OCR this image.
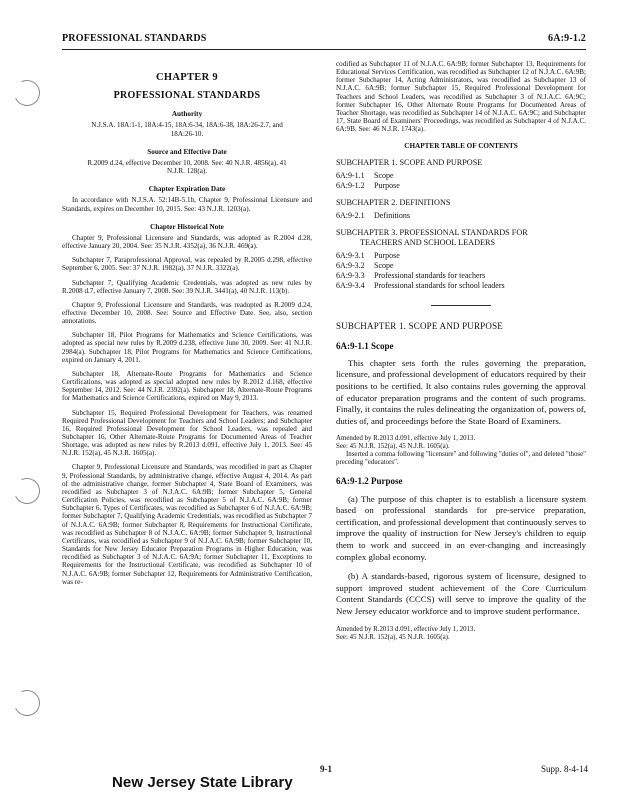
PROFESSIONAL STANDARDS	6A:9-1.2
CHAPTER 9
PROFESSIONAL STANDARDS
Authority
N.J.S.A. 18A:1-1, 18A:4-15, 18A:6-34, 18A:6-38, 18A:26-2.7, and 18A:26-10.
Source and Effective Date
R.2009 d.24, effective December 10, 2008. See: 40 N.J.R. 4856(a), 41 N.J.R. 128(a).
Chapter Expiration Date
In accordance with N.J.S.A. 52:14B-5.1b, Chapter 9, Professional Licensure and Standards, expires on December 10, 2015. See: 43 N.J.R. 1203(a).
Chapter Historical Note
Chapter 9, Professional Licensure and Standards, was adopted as R.2004 d.28, effective January 20, 2004. See: 35 N.J.R. 4352(a), 36 N.J.R. 469(a).
Subchapter 7, Paraprofessional Approval, was repealed by R.2005 d.298, effective September 6, 2005. See: 37 N.J.R. 1982(a), 37 N.J.R. 3322(a).
Subchapter 7, Qualifying Academic Credentials, was adopted as new rules by R.2008 d.7, effective January 7, 2008. See: 39 N.J.R. 3441(a), 40 N.J.R. 113(b).
Chapter 9, Professional Licensure and Standards, was readopted as R.2009 d.24, effective December 10, 2008. See: Source and Effective Date. See, also, section annotations.
Subchapter 18, Pilot Programs for Mathematics and Science Certifications, was adopted as special new rules by R.2009 d.238, effective June 30, 2009. See: 41 N.J.R. 2984(a). Subchapter 18, Pilot Programs for Mathematics and Science Certifications, expired on January 4, 2011.
Subchapter 18, Alternate-Route Programs for Mathematics and Science Certifications, was adopted as special adopted new rules by R.2012 d.168, effective September 14, 2012. See: 44 N.J.R. 2392(a). Subchapter 18, Alternate-Route Programs for Mathematics and Science Certifications, expired on May 9, 2013.
Subchapter 15, Required Professional Development for Teachers, was renamed Required Professional Development for Teachers and School Leaders; and Subchapter 16, Required Professional Development for School Leaders, was repealed and Subchapter 16, Other Alternate-Route Programs for Documented Areas of Teacher Shortage, was adopted as new rules by R.2013 d.091, effective July 1, 2013. See: 45 N.J.R. 152(a), 45 N.J.R. 1605(a).
Chapter 9, Professional Licensure and Standards, was recodified in part as Chapter 9, Professional Standards, by administrative change, effective August 4, 2014. As part of the administrative change, former Subchapter 4, State Board of Examiners, was recodified as Subchapter 3 of N.J.A.C. 6A:9B; former Subchapter 5, General Certification Policies, was recodified as Subchapter 5 of N.J.A.C. 6A:9B; former Subchapter 6, Types of Certificates, was recodified as Subchapter 6 of N.J.A.C. 6A:9B; former Subchapter 7, Qualifying Academic Credentials, was recodified as Subchapter 7 of N.J.A.C. 6A:9B; former Subchapter 8, Requirements for Instructional Certificate, was recodified as Subchapter 8 of N.J.A.C. 6A:9B; former Subchapter 9, Instructional Certificates, was recodified as Subchapter 9 of N.J.A.C. 6A:9B; former Subchapter 10, Standards for New Jersey Educator Preparation Programs in Higher Education, was recodified as Subchapter 3 of N.J.A.C. 6A:9A; former Subchapter 11, Exceptions to Requirements for the Instructional Certificate, was recodified as Subchapter 10 of N.J.A.C. 6A:9B; former Subchapter 12, Requirements for Administrative Certification, was re-
codified as Subchapter 11 of N.J.A.C. 6A:9B; former Subchapter 13, Requirements for Educational Services Certification, was recodified as Subchapter 12 of N.J.A.C. 6A:9B; former Subchapter 14, Acting Administrators, was recodified as Subchapter 13 of N.J.A.C. 6A:9B; former Subchapter 15, Required Professional Development for Teachers and School Leaders, was recodified as Subchapter 3 of N.J.A.C. 6A:9C; former Subchapter 16, Other Alternate Route Programs for Documented Areas of Teacher Shortage, was recodified as Subchapter 14 of N.J.A.C. 6A:9C; and Subchapter 17, State Board of Examiners' Proceedings, was recodified as Subchapter 4 of N.J.A.C. 6A:9B. See: 46 N.J.R. 1743(a).
CHAPTER TABLE OF CONTENTS
SUBCHAPTER 1. SCOPE AND PURPOSE
6A:9-1.1 Scope
6A:9-1.2 Purpose
SUBCHAPTER 2. DEFINITIONS
6A:9-2.1 Definitions
SUBCHAPTER 3. PROFESSIONAL STANDARDS FOR
TEACHERS AND SCHOOL LEADERS
6A:9-3.1 Purpose
6A:9-3.2 Scope
6A:9-3.3 Professional standards for teachers
6A:9-3.4 Professional standards for school leaders
SUBCHAPTER 1. SCOPE AND PURPOSE
6A:9-1.1 Scope
This chapter sets forth the rules governing the preparation, licensure, and professional development of educators required by their positions to be certified. It also contains rules governing the approval of educator preparation programs and the content of such programs. Finally, it contains the rules delineating the organization of, powers of, duties of, and proceedings before the State Board of Examiners.
Amended by R.2013 d.091, effective July 1, 2013.
See: 45 N.J.R. 152(a), 45 N.J.R. 1605(a).
Inserted a comma following "licensure" and following "duties of", and deleted "those" preceding "educators".
6A:9-1.2 Purpose
(a) The purpose of this chapter is to establish a licensure system based on professional standards for pre-service preparation, certification, and professional development that continuously serves to improve the quality of instruction for New Jersey's children to equip them to work and succeed in an ever-changing and increasingly complex global economy.
(b) A standards-based, rigorous system of licensure, designed to support improved student achievement of the Core Curriculum Content Standards (CCCS) will serve to improve the quality of the New Jersey educator workforce and to improve student performance.
Amended by R.2013 d.091, effective July 1, 2013.
See: 45 N.J.R. 152(a), 45 N.J.R. 1605(a).
9-1	Supp. 8-4-14
New Jersey State Library
